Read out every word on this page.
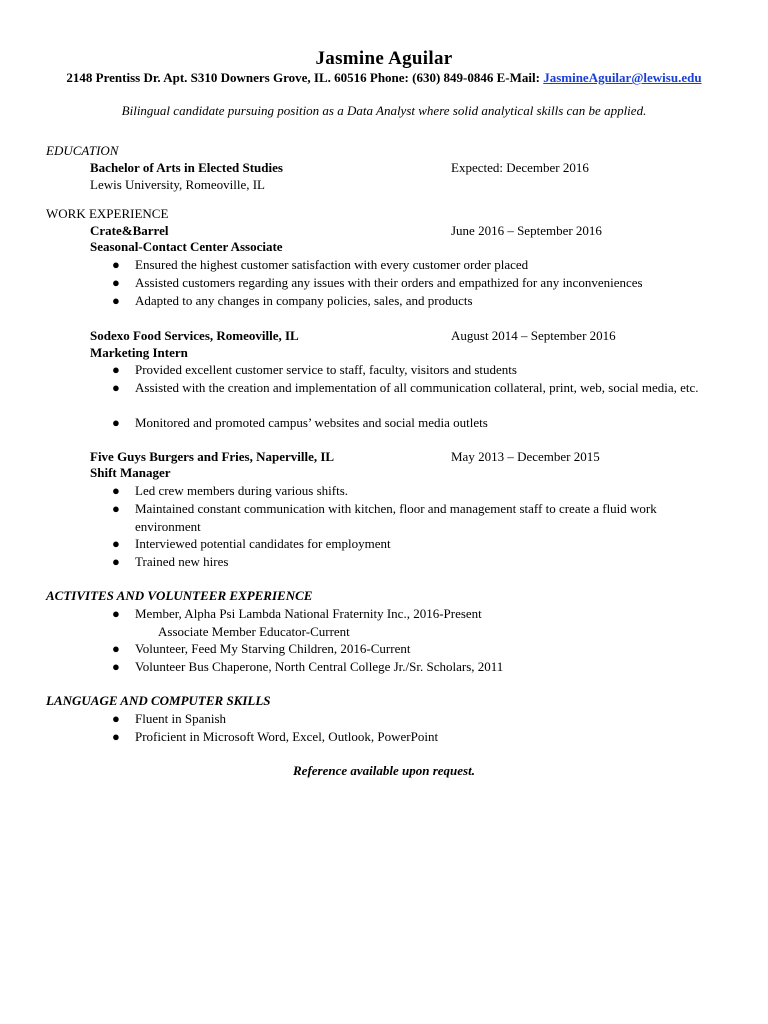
Jasmine Aguilar
2148 Prentiss Dr. Apt. S310 Downers Grove, IL. 60516 Phone: (630) 849-0846 E-Mail: JasmineAguilar@lewisu.edu
Bilingual candidate pursuing position as a Data Analyst where solid analytical skills can be applied.
EDUCATION
Bachelor of Arts in Elected Studies	Expected: December 2016
Lewis University, Romeoville, IL
WORK EXPERIENCE
Crate&Barrel	June 2016 – September 2016
Seasonal-Contact Center Associate
● Ensured the highest customer satisfaction with every customer order placed
● Assisted customers regarding any issues with their orders and empathized for any inconveniences
● Adapted to any changes in company policies, sales, and products
Sodexo Food Services, Romeoville, IL	August 2014 – September 2016
Marketing Intern
● Provided excellent customer service to staff, faculty, visitors and students
● Assisted with the creation and implementation of all communication collateral, print, web, social media, etc.
● Monitored and promoted campus’ websites and social media outlets
Five Guys Burgers and Fries, Naperville, IL	May 2013 – December 2015
Shift Manager
● Led crew members during various shifts.
● Maintained constant communication with kitchen, floor and management staff to create a fluid work environment
● Interviewed potential candidates for employment
● Trained new hires
ACTIVITES AND VOLUNTEER EXPERIENCE
● Member, Alpha Psi Lambda National Fraternity Inc., 2016-Present
Associate Member Educator-Current
● Volunteer, Feed My Starving Children, 2016-Current
● Volunteer Bus Chaperone, North Central College Jr./Sr. Scholars, 2011
LANGUAGE AND COMPUTER SKILLS
● Fluent in Spanish
● Proficient in Microsoft Word, Excel, Outlook, PowerPoint
Reference available upon request.
